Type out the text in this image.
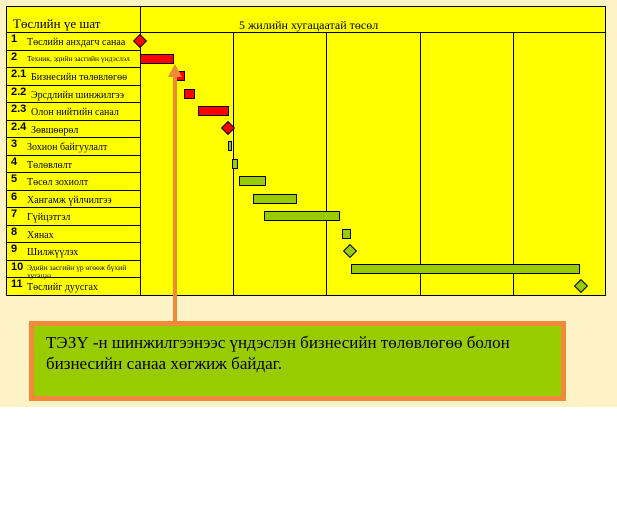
Төслийн үе шат	5 жилийн хугацаатай төсөл
1 Төслийн анхдагч санаа
2 Техник, эдийн засгийн үндэслэл
2.1 Бизнесийн төлөвлөгөө
2.2 Эрсдлийн шинжилгээ
2.3 Олон нийтийн санал
2.4 Зөвшөөрөл
3 Зохион байгуулалт
4 Төлөвлөлт
5 Төсөл зохиолт
6 Хангамж үйлчилгээ
7 Гүйцэтгэл
8 Хянах
9 Шилжүүлэх
10 Эдийн засгийн үр өгөөж бүхий хугацаа
11 Төслийг дуусгах
ТЭЗҮ -н шинжилгээнээс үндэслэн бизнесийн төлөвлөгөө болон бизнесийн санаа хөгжиж байдаг.
